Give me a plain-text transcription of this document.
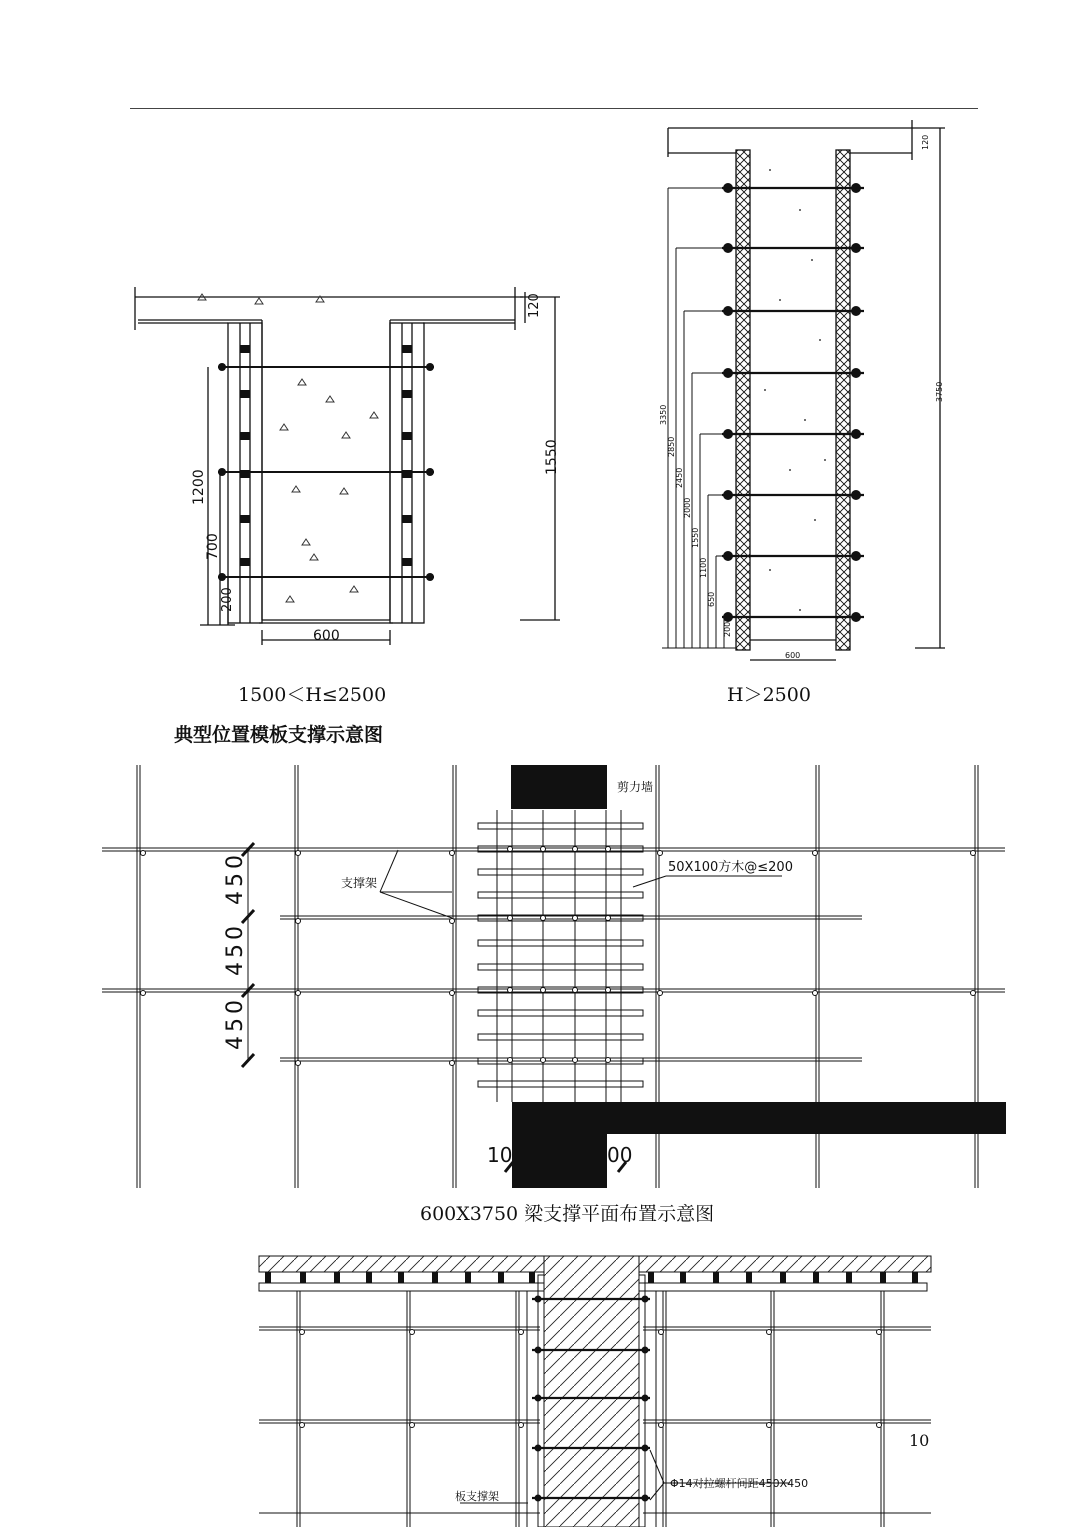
120
1550
1200
700
200
600
120
3750
3350
2850
2450
2000
1550
1100
650
200
600
1500＜H≤2500	H＞2500
典型位置模板支撑示意图
剪力墙
支撑架
50X100方木@≤200
450
450
450
10	00
600X3750 梁支撑平面布置示意图
板支撑架
Φ14对拉螺杆间距450X450
10
